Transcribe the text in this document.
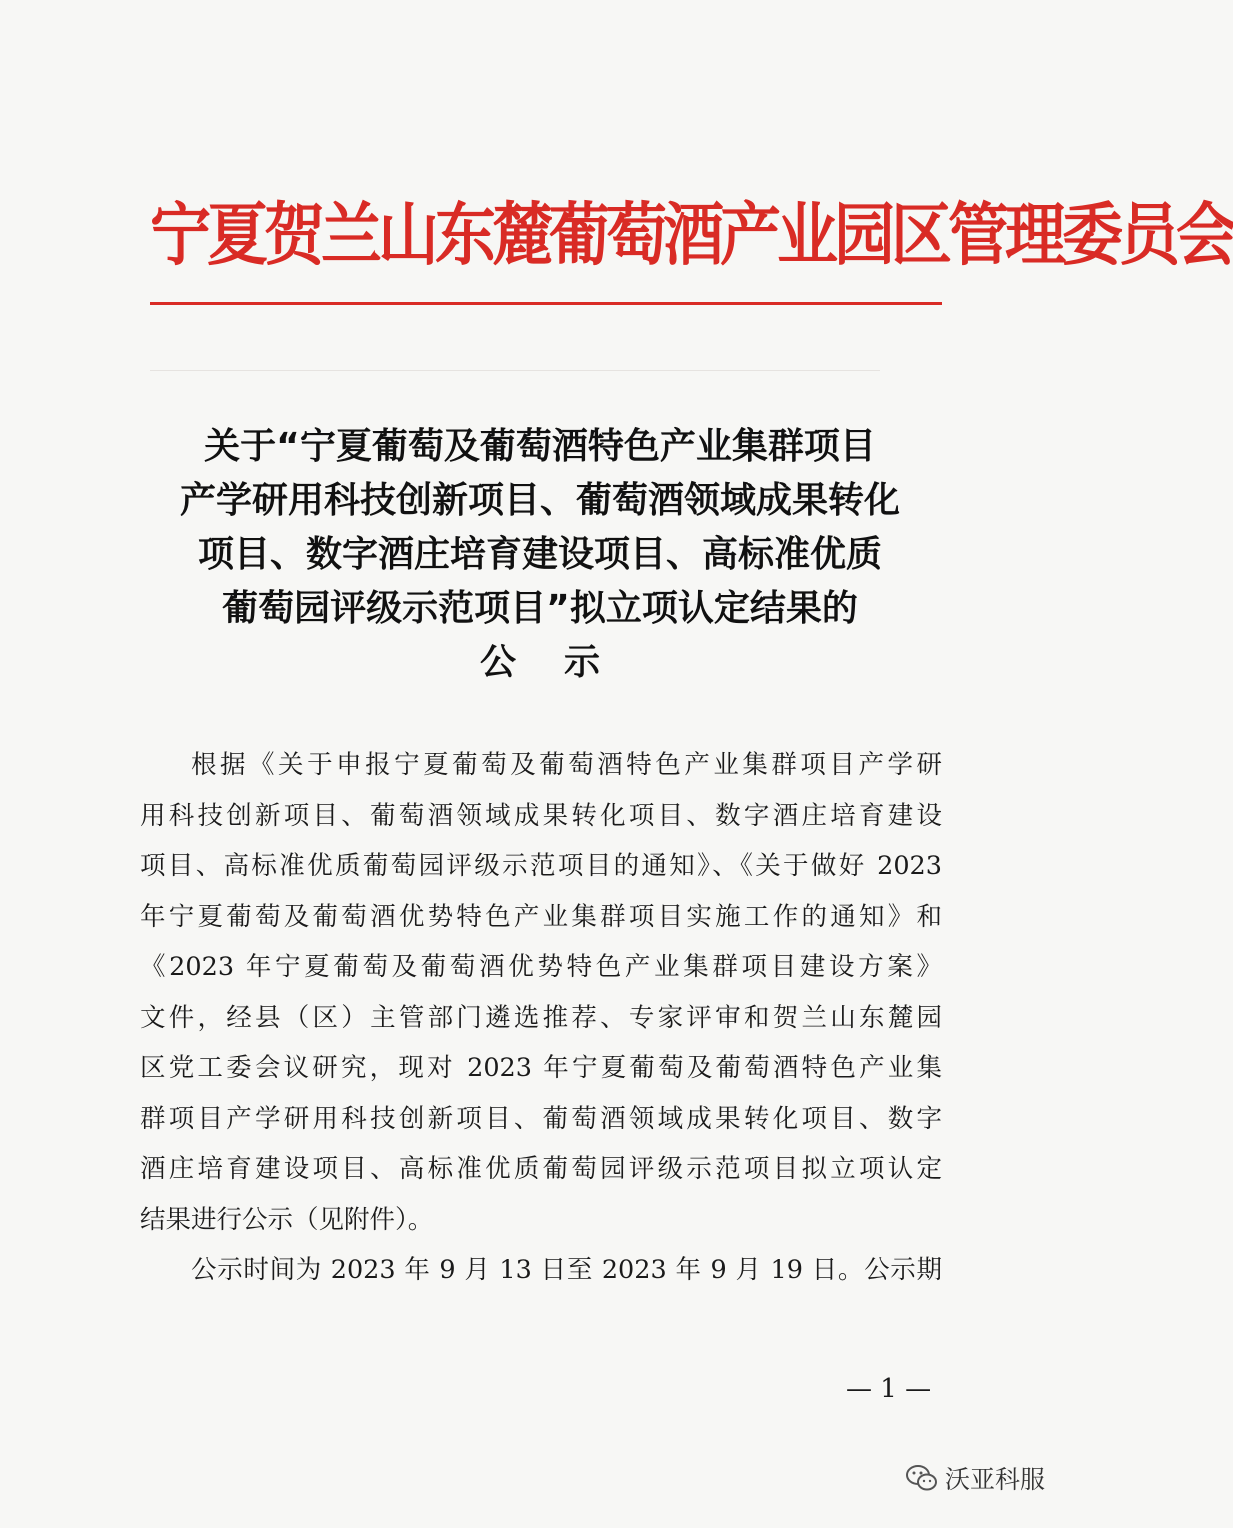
宁夏贺兰山东麓葡萄酒产业园区管理委员会
关于“宁夏葡萄及葡萄酒特色产业集群项目
产学研用科技创新项目、葡萄酒领域成果转化
项目、数字酒庄培育建设项目、高标准优质
葡萄园评级示范项目”拟立项认定结果的
公示
根据《关于申报宁夏葡萄及葡萄酒特色产业集群项目产学研
用科技创新项目、葡萄酒领域成果转化项目、数字酒庄培育建设
项目、高标准优质葡萄园评级示范项目的通知》、《关于做好 2023
年宁夏葡萄及葡萄酒优势特色产业集群项目实施工作的通知》和
《2023 年宁夏葡萄及葡萄酒优势特色产业集群项目建设方案》
文件，经县（区）主管部门遴选推荐、专家评审和贺兰山东麓园
区党工委会议研究，现对 2023 年宁夏葡萄及葡萄酒特色产业集
群项目产学研用科技创新项目、葡萄酒领域成果转化项目、数字
酒庄培育建设项目、高标准优质葡萄园评级示范项目拟立项认定
结果进行公示（见附件）。
公示时间为 2023 年 9 月 13 日至 2023 年 9 月 19 日。公示期
— 1 —
沃亚科服
